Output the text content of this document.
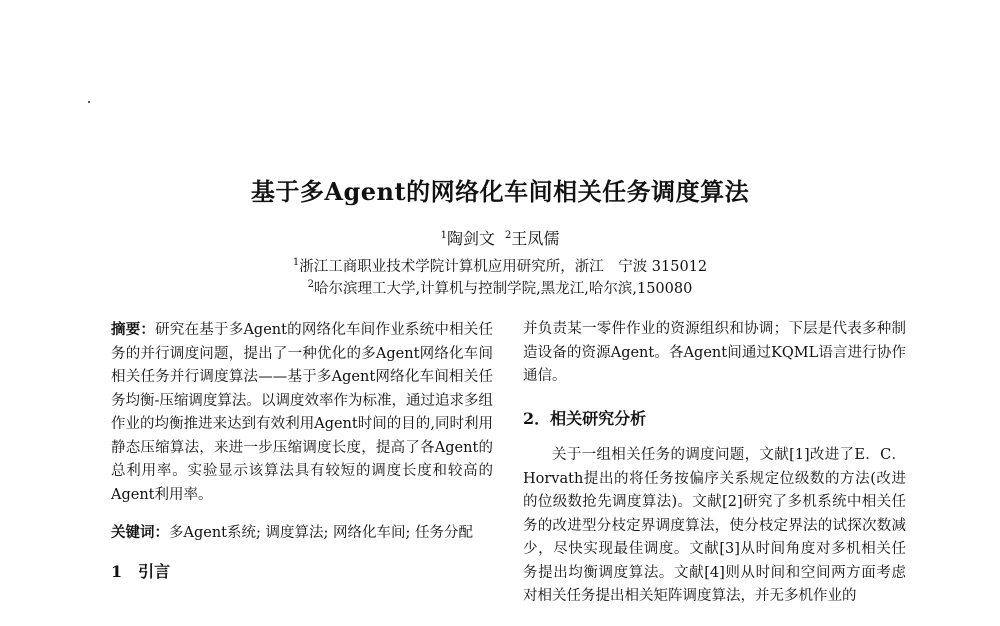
基于多Agent的网络化车间相关任务调度算法
$^1$陶剑文 $^2$王凤儒
$^1$浙江工商职业技术学院计算机应用研究所，浙江　宁波 315012
$^2$哈尔滨理工大学,计算机与控制学院,黑龙江,哈尔滨,150080

摘要：研究在基于多Agent的网络化车间作业系统中相关任务的并行调度问题，提出了一种优化的多Agent网络化车间相关任务并行调度算法——基于多Agent网络化车间相关任务均衡-压缩调度算法。以调度效率作为标准，通过追求多组作业的均衡推进来达到有效利用Agent时间的目的,同时利用静态压缩算法，来进一步压缩调度长度，提高了各Agent的总利用率。实验显示该算法具有较短的调度长度和较高的Agent利用率。

关键词：多Agent系统; 调度算法; 网络化车间; 任务分配

1　引言

并负责某一零件作业的资源组织和协调；下层是代表多种制造设备的资源Agent。各Agent间通过KQML语言进行协作通信。

2．相关研究分析

关于一组相关任务的调度问题，文献[1]改进了E．C．Horvath提出的将任务按偏序关系规定位级数的方法(改进的位级数抢先调度算法)。文献[2]研究了多机系统中相关任务的改进型分枝定界调度算法，使分枝定界法的试探次数减少，尽快实现最佳调度。文献[3]从时间角度对多机相关任务提出均衡调度算法。文献[4]则从时间和空间两方面考虑对相关任务提出相关矩阵调度算法，并无多机作业的
